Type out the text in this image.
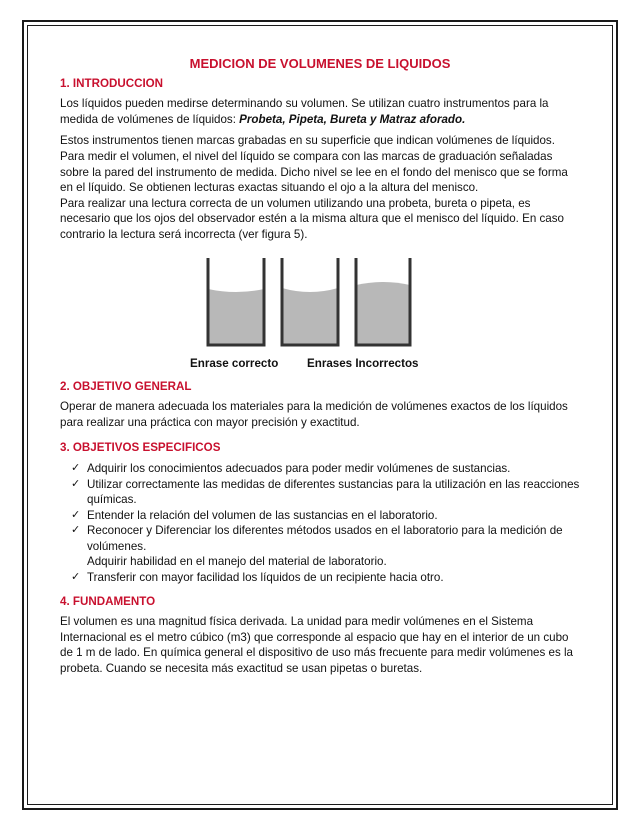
MEDICION DE VOLUMENES DE LIQUIDOS
1. INTRODUCCION

Los líquidos pueden medirse determinando su volumen. Se utilizan cuatro instrumentos para la medida de volúmenes de líquidos: Probeta, Pipeta, Bureta y Matraz aforado.

Estos instrumentos tienen marcas grabadas en su superficie que indican volúmenes de líquidos. Para medir el volumen, el nivel del líquido se compara con las marcas de graduación señaladas sobre la pared del instrumento de medida. Dicho nivel se lee en el fondo del menisco que se forma en el líquido. Se obtienen lecturas exactas situando el ojo a la altura del menisco.

Para realizar una lectura correcta de un volumen utilizando una probeta, bureta o pipeta, es necesario que los ojos del observador estén a la misma altura que el menisco del líquido. En caso contrario la lectura será incorrecta (ver figura 5).

Enrase correcto Enrases Incorrectos
2. OBJETIVO GENERAL

Operar de manera adecuada los materiales para la medición de volúmenes exactos de los líquidos para realizar una práctica con mayor precisión y exactitud.

3. OBJETIVOS ESPECIFICOS
✓ Adquirir los conocimientos adecuados para poder medir volúmenes de sustancias.
✓ Utilizar correctamente las medidas de diferentes sustancias para la utilización en las reacciones químicas.
✓ Entender la relación del volumen de las sustancias en el laboratorio.
✓ Reconocer y Diferenciar los diferentes métodos usados en el laboratorio para la medición de volúmenes.
Adquirir habilidad en el manejo del material de laboratorio.
✓ Transferir con mayor facilidad los líquidos de un recipiente hacia otro.
4. FUNDAMENTO

El volumen es una magnitud física derivada. La unidad para medir volúmenes en el Sistema Internacional es el metro cúbico (m3) que corresponde al espacio que hay en el interior de un cubo de 1 m de lado. En química general el dispositivo de uso más frecuente para medir volúmenes es la probeta. Cuando se necesita más exactitud se usan pipetas o buretas.
